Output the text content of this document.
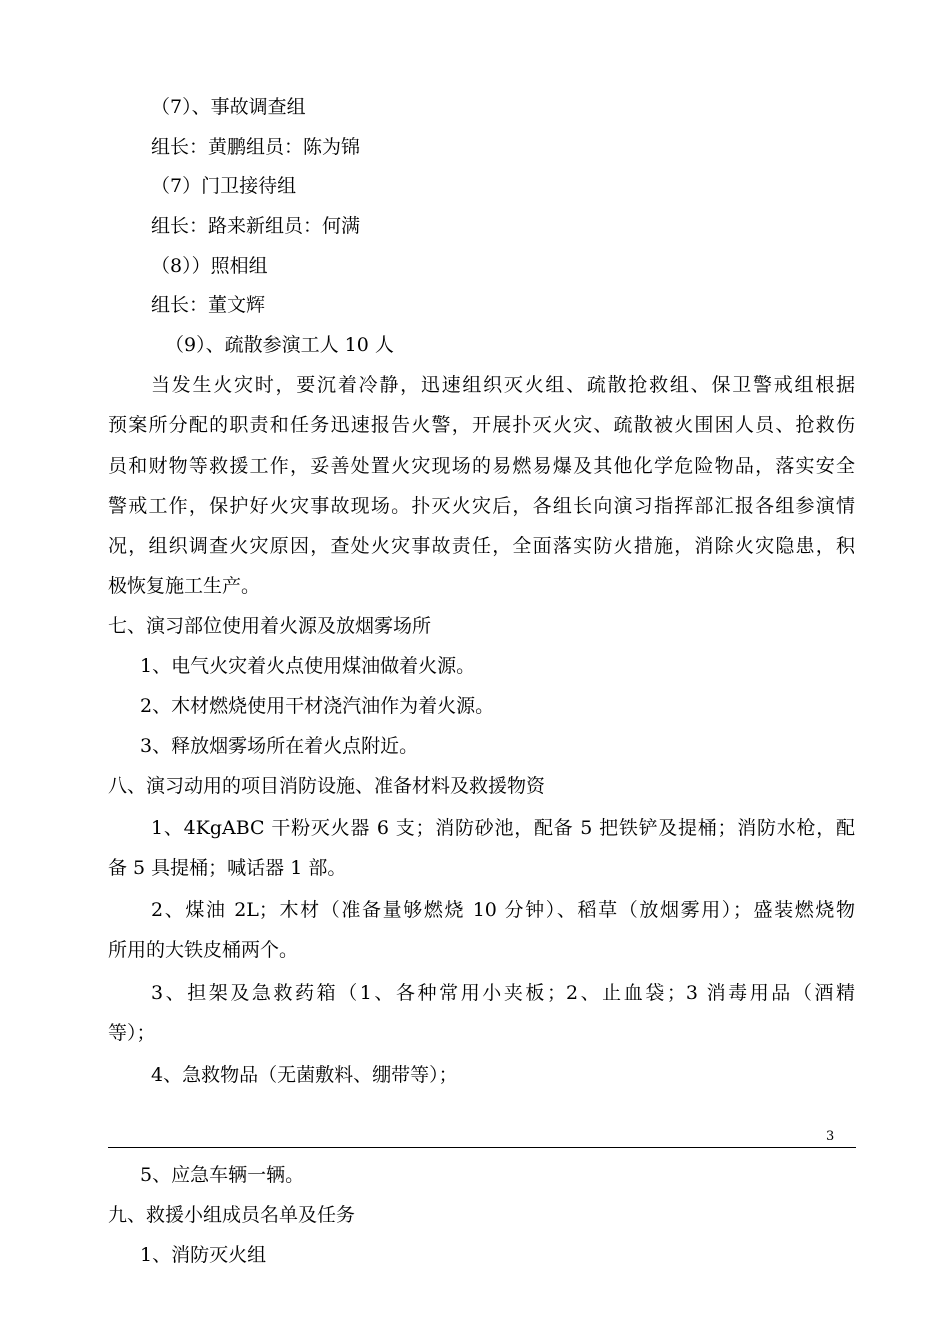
（7）、事故调查组
组长：黄鹏组员：陈为锦
（7）门卫接待组
组长：路来新组员：何满
（8））照相组
组长：董文辉
（9）、疏散参演工人 10 人
当发生火灾时，要沉着冷静，迅速组织灭火组、疏散抢救组、保卫警戒组根据
预案所分配的职责和任务迅速报告火警，开展扑灭火灾、疏散被火围困人员、抢救伤
员和财物等救援工作，妥善处置火灾现场的易燃易爆及其他化学危险物品，落实安全
警戒工作，保护好火灾事故现场。扑灭火灾后，各组长向演习指挥部汇报各组参演情
况，组织调查火灾原因，查处火灾事故责任，全面落实防火措施，消除火灾隐患，积
极恢复施工生产。
七、演习部位使用着火源及放烟雾场所
1、电气火灾着火点使用煤油做着火源。
2、木材燃烧使用干材浇汽油作为着火源。
3、释放烟雾场所在着火点附近。
八、演习动用的项目消防设施、准备材料及救援物资
1、4KgABC 干粉灭火器 6 支；消防砂池，配备 5 把铁铲及提桶；消防水枪，配
备 5 具提桶；喊话器 1 部。
2、煤油 2L；木材（准备量够燃烧 10 分钟）、稻草（放烟雾用）；盛装燃烧物
所用的大铁皮桶两个。
3、担架及急救药箱（1、各种常用小夹板；2、止血袋；3 消毒用品（酒精
等）；
4、急救物品（无菌敷料、绷带等）；
3
5、应急车辆一辆。
九、救援小组成员名单及任务
1、消防灭火组
